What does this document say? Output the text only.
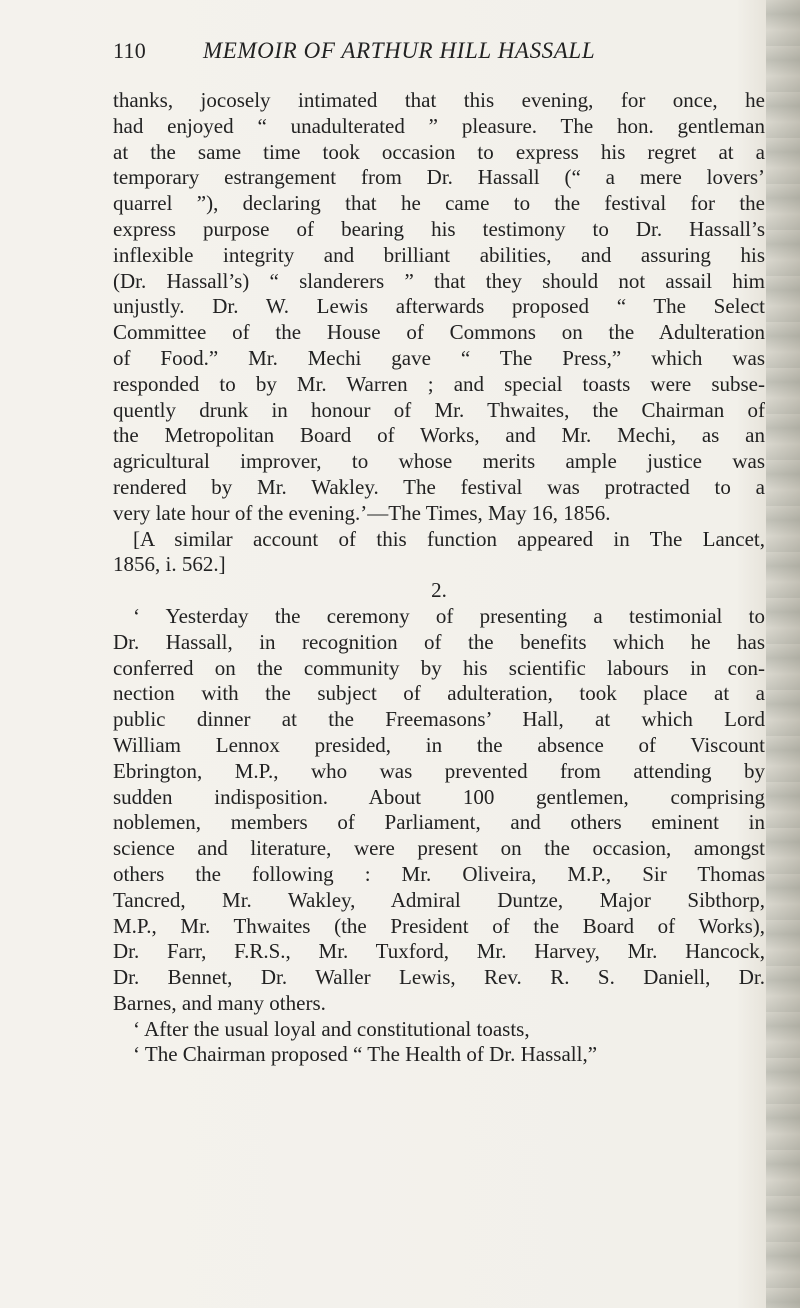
110 MEMOIR OF ARTHUR HILL HASSALL
thanks, jocosely intimated that this evening, for once, he
had enjoyed “ unadulterated ” pleasure. The hon. gentleman
at the same time took occasion to express his regret at a
temporary estrangement from Dr. Hassall (“ a mere lovers’
quarrel ”), declaring that he came to the festival for the
express purpose of bearing his testimony to Dr. Hassall’s
inflexible integrity and brilliant abilities, and assuring his
(Dr. Hassall’s) “ slanderers ” that they should not assail him
unjustly. Dr. W. Lewis afterwards proposed “ The Select
Committee of the House of Commons on the Adulteration
of Food.” Mr. Mechi gave “ The Press,” which was
responded to by Mr. Warren ; and special toasts were subse-
quently drunk in honour of Mr. Thwaites, the Chairman of
the Metropolitan Board of Works, and Mr. Mechi, as an
agricultural improver, to whose merits ample justice was
rendered by Mr. Wakley. The festival was protracted to a
very late hour of the evening.’—The Times, May 16, 1856.
[A similar account of this function appeared in The Lancet,
1856, i. 562.]
2.
‘ Yesterday the ceremony of presenting a testimonial to
Dr. Hassall, in recognition of the benefits which he has
conferred on the community by his scientific labours in con-
nection with the subject of adulteration, took place at a
public dinner at the Freemasons’ Hall, at which Lord
William Lennox presided, in the absence of Viscount
Ebrington, M.P., who was prevented from attending by
sudden indisposition. About 100 gentlemen, comprising
noblemen, members of Parliament, and others eminent in
science and literature, were present on the occasion, amongst
others the following : Mr. Oliveira, M.P., Sir Thomas
Tancred, Mr. Wakley, Admiral Duntze, Major Sibthorp,
M.P., Mr. Thwaites (the President of the Board of Works),
Dr. Farr, F.R.S., Mr. Tuxford, Mr. Harvey, Mr. Hancock,
Dr. Bennet, Dr. Waller Lewis, Rev. R. S. Daniell, Dr.
Barnes, and many others.
‘ After the usual loyal and constitutional toasts,
‘ The Chairman proposed “ The Health of Dr. Hassall,”
